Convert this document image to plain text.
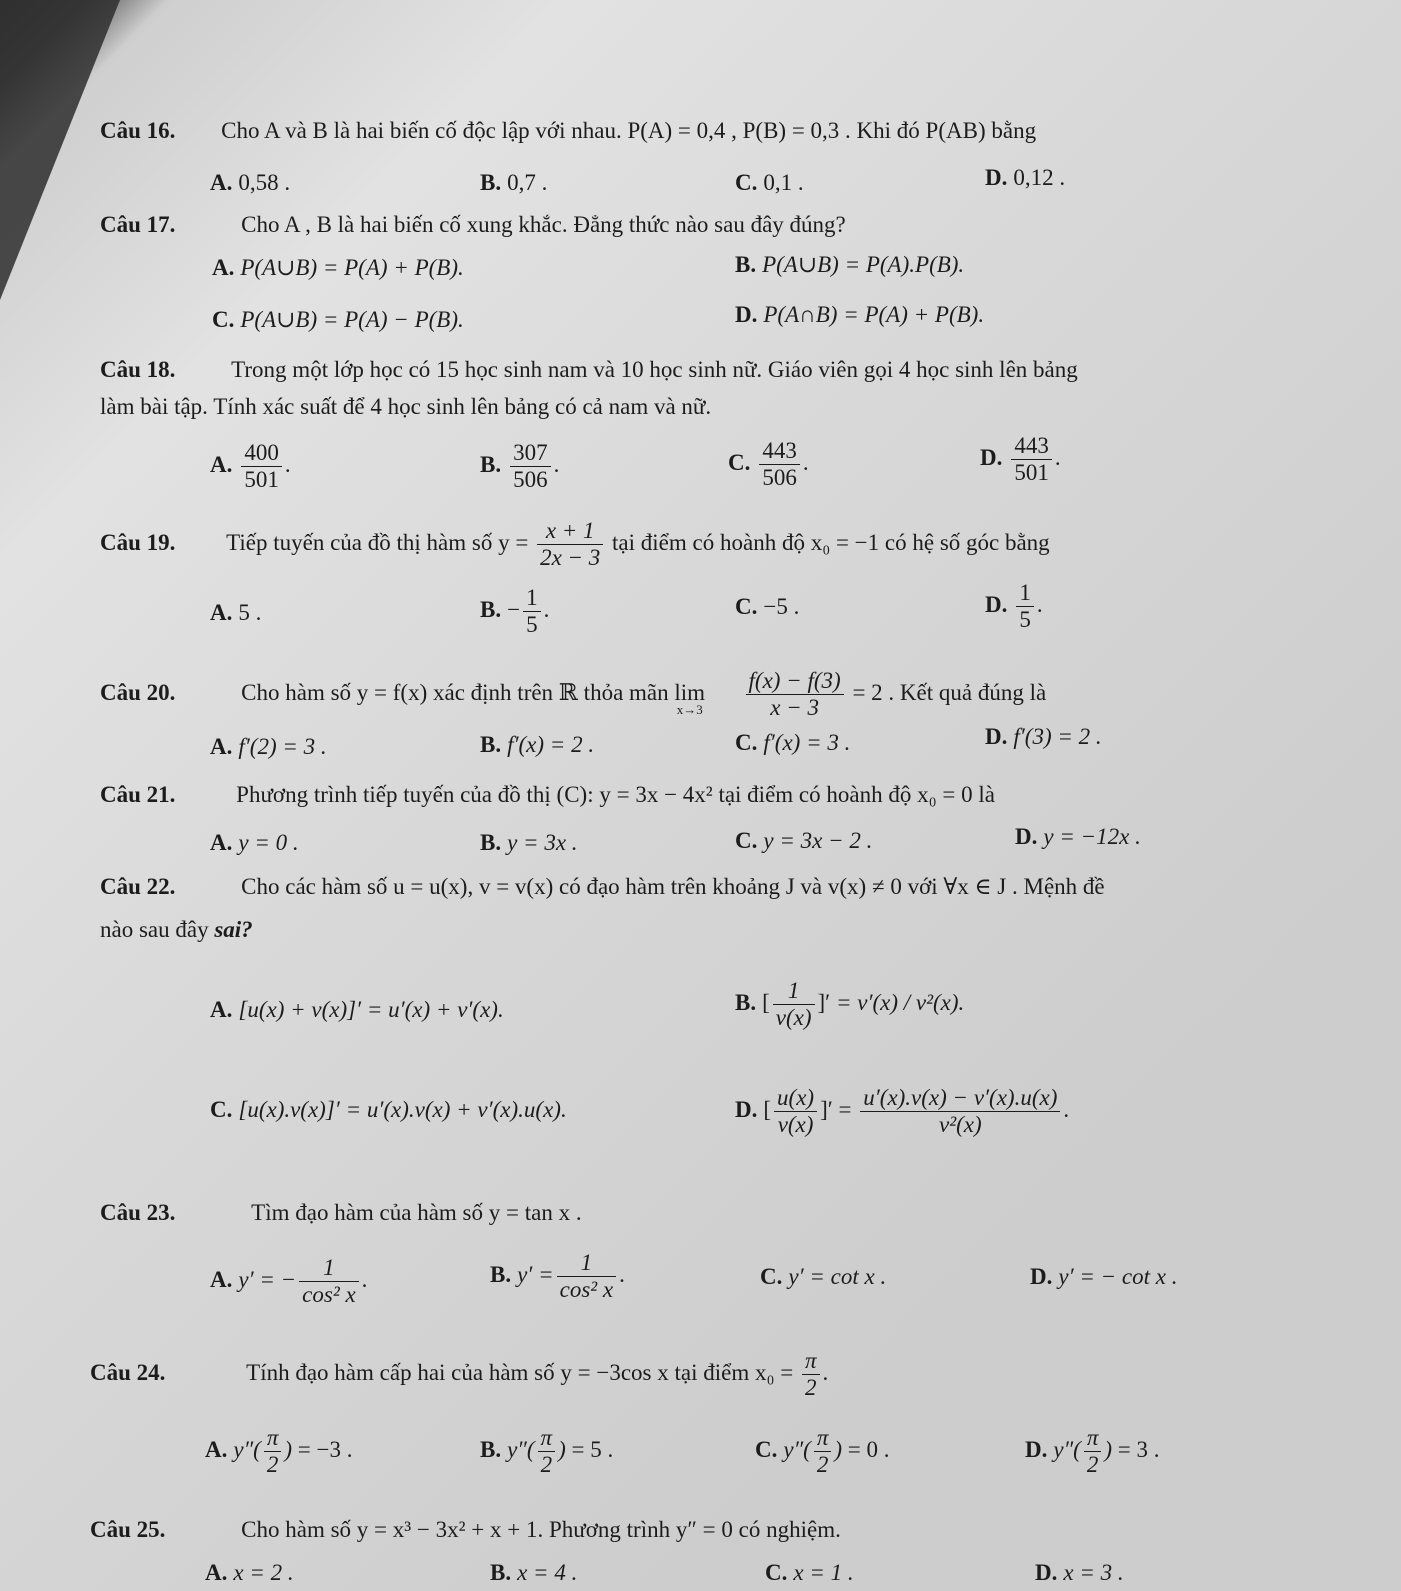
Câu 16. Cho A và B là hai biến cố độc lập với nhau. P(A) = 0,4 , P(B) = 0,3 . Khi đó P(AB) bằng
A. 0,58 .	B. 0,7 .	C. 0,1 .	D. 0,12 .
Câu 17.	Cho A , B là hai biến cố xung khắc. Đẳng thức nào sau đây đúng?
A. P(A∪B) = P(A) + P(B).	B. P(A∪B) = P(A).P(B).
C. P(A∪B) = P(A) − P(B).	D. P(A∩B) = P(A) + P(B).
Câu 18. Trong một lớp học có 15 học sinh nam và 10 học sinh nữ. Giáo viên gọi 4 học sinh lên bảng
làm bài tập. Tính xác suất để 4 học sinh lên bảng có cả nam và nữ.
A. $\frac{400}{501}$ .	B. $\frac{307}{506}$ .	C. $\frac{443}{506}$ .	D. $\frac{443}{501}$ .
Câu 19. Tiếp tuyến của đồ thị hàm số $y = \frac{x + 1}{2x - 3}$ tại điểm có hoành độ x₀ = −1 có hệ số góc bằng
A. 5 .	B. − $\frac{1}{5}$ .	C. −5 .	D. $\frac{1}{5}$ .
Câu 20.	Cho hàm số y = f(x) xác định trên ℝ thỏa mãn $\lim _{x\to 3} \frac{f(x) - f(3)}{x - 3} = 2$ . Kết quả đúng là
A. f′(2) = 3 .	B. f′(x) = 2 .	C. f′(x) = 3 .	D. f′(3) = 2 .
Câu 21.	Phương trình tiếp tuyến của đồ thị (C): y = 3x − 4x² tại điểm có hoành độ x₀ = 0 là
A. y = 0 .	B. y = 3x .	C. y = 3x − 2 .	D. y = −12x .
Câu 22.	Cho các hàm số u = u(x), v = v(x) có đạo hàm trên khoảng J và v(x) ≠ 0 với ∀x ∈ J . Mệnh đề
nào sau đây sai?
A. [u(x) + v(x)]′ = u′(x) + v′(x).	B. [ $\frac{1}{v(x)}$ ]′ = v′(x) / v²(x).
C. [u(x).v(x)]′ = u′(x).v(x) + v′(x).u(x).	D. [ $\frac{u(x)}{v(x)}$ ]′ = $\frac{u'(x).v(x) - v'(x).u(x)}{\text{v²(x)}}$ .
Câu 23.	Tìm đạo hàm của hàm số y = tan x .
A. y′ = − $\frac{1}{\text{cos² x}}$ .	B. $y' = \frac{1}{\text{cos² x}}$ .	C. y′ = cot x .	D. y′ = − cot x .
Câu 24.	Tính đạo hàm cấp hai của hàm số y = −3cos x tại điểm $x_0 = \frac{\pi}{2}$ .
A. $y''( \frac{\pi}{2}$ ) = −3 .	B. $y''( \frac{\pi}{2}$ ) = 5 .	C. $y''( \frac{\pi}{2}$ ) = 0 .	D. $y''( \frac{\pi}{2}$ ) = 3 .
Câu 25.	Cho hàm số y = x³ − 3x² + x + 1. Phương trình y″ = 0 có nghiệm.
A. x = 2 .	B. x = 4 .	C. x = 1 .	D. x = 3 .
